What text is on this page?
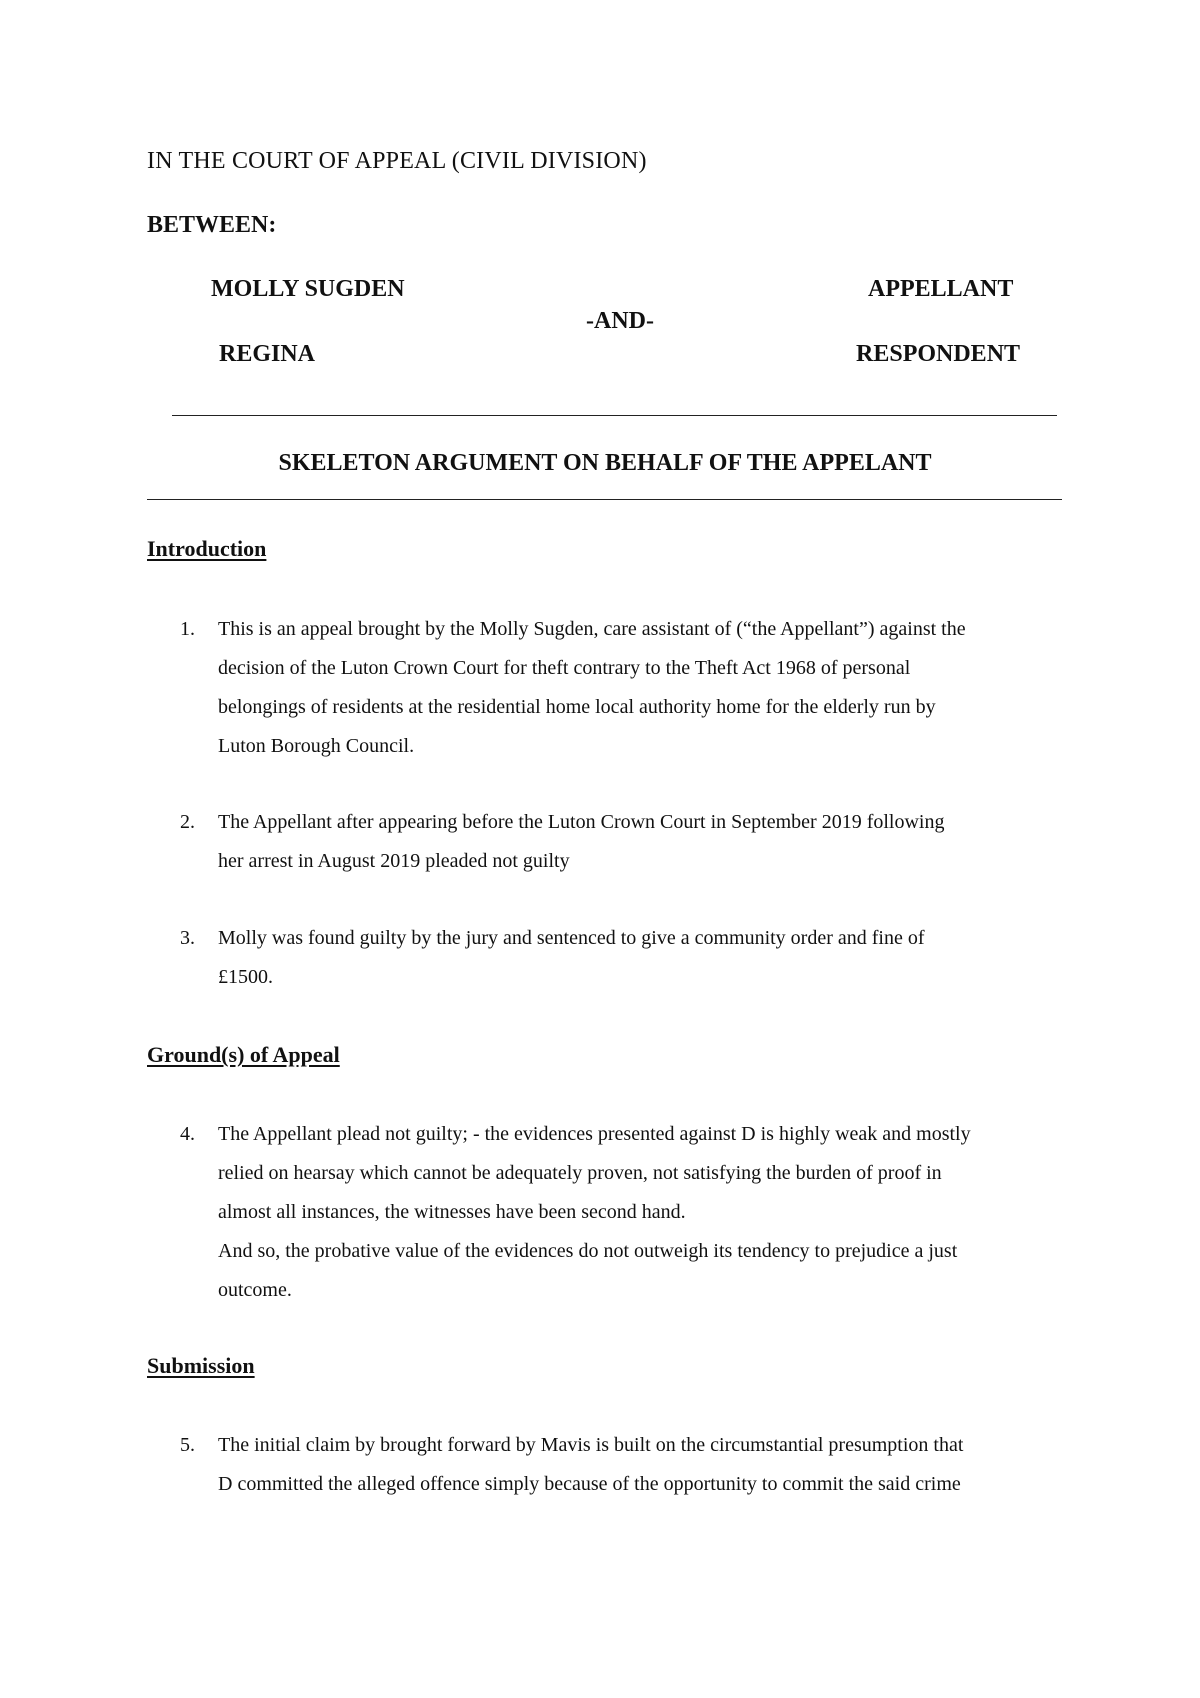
IN THE COURT OF APPEAL (CIVIL DIVISION)

BETWEEN:

MOLLY SUGDEN	APPELLANT

-AND-

REGINA	RESPONDENT

SKELETON ARGUMENT ON BEHALF OF THE APPELANT

Introduction

1.	This is an appeal brought by the Molly Sugden, care assistant of (“the Appellant”) against the
decision of the Luton Crown Court for theft contrary to the Theft Act 1968 of personal
belongings of residents at the residential home local authority home for the elderly run by
Luton Borough Council.
2.	The Appellant after appearing before the Luton Crown Court in September 2019 following
her arrest in August 2019 pleaded not guilty
3.	Molly was found guilty by the jury and sentenced to give a community order and fine of
£1500.

Ground(s) of Appeal

4.	The Appellant plead not guilty; - the evidences presented against D is highly weak and mostly
relied on hearsay which cannot be adequately proven, not satisfying the burden of proof in
almost all instances, the witnesses have been second hand.
And so, the probative value of the evidences do not outweigh its tendency to prejudice a just
outcome.

Submission

5.	The initial claim by brought forward by Mavis is built on the circumstantial presumption that
D committed the alleged offence simply because of the opportunity to commit the said crime
